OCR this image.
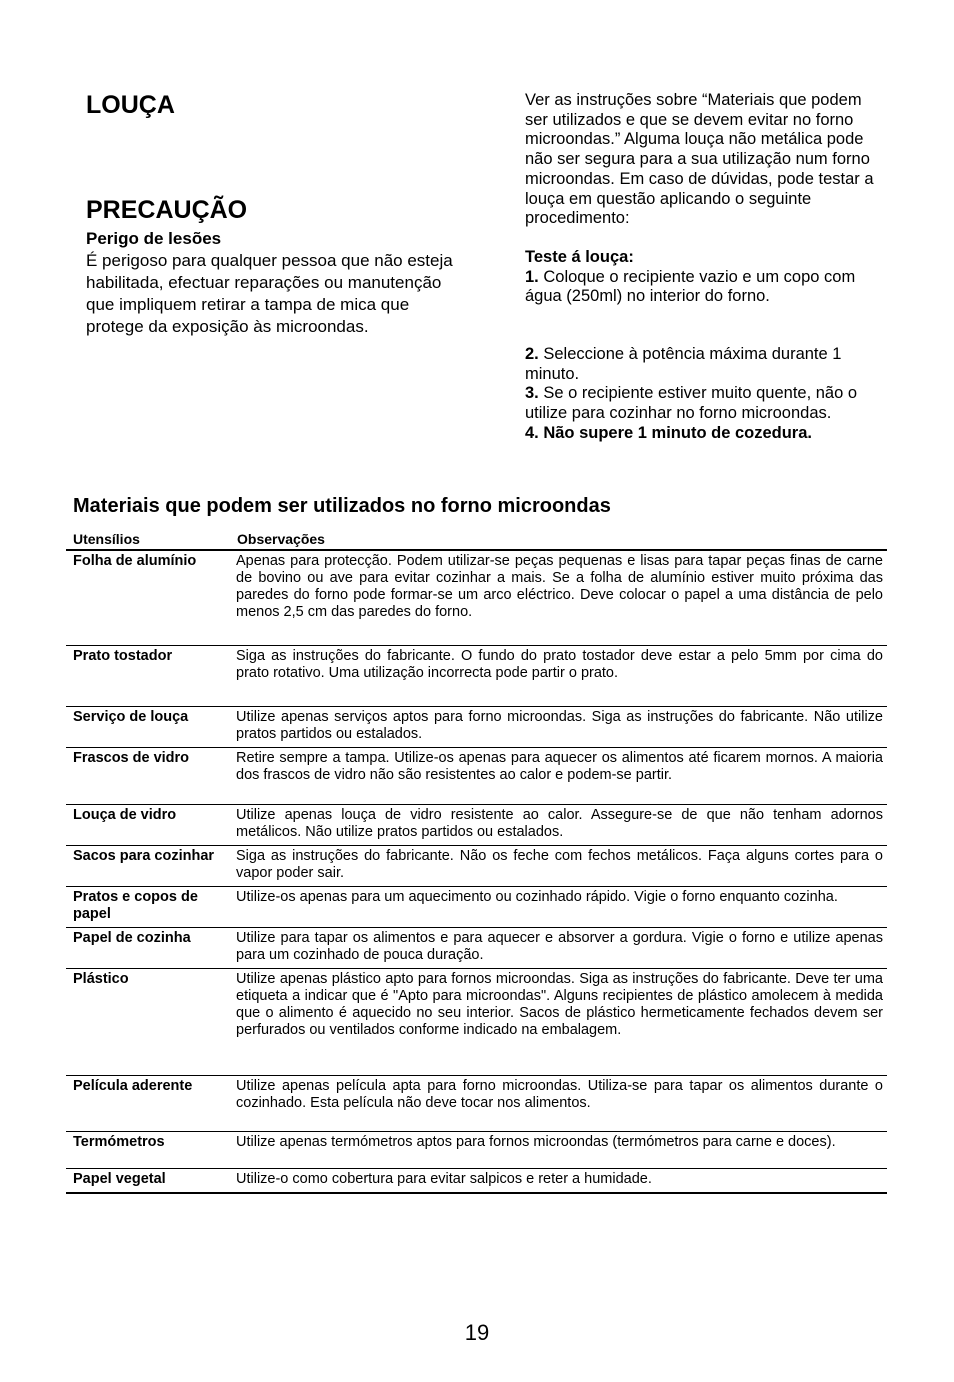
LOUÇA
PRECAUÇÃO
Perigo de lesões
É perigoso para qualquer pessoa que não esteja habilitada, efectuar reparações ou manutenção que impliquem retirar a tampa de mica que protege da exposição às microondas.

Ver as instruções sobre “Materiais que podem ser utilizados e que se devem evitar no forno microondas.” Alguma louça não metálica pode não ser segura para a sua utilização num forno microondas. Em caso de dúvidas, pode testar a louça em questão aplicando o seguinte procedimento:

Teste á louça:

1. Coloque o recipiente vazio e um copo com água (250ml) no interior do forno.

2. Seleccione à potência máxima durante 1 minuto.

3. Se o recipiente estiver muito quente, não o utilize para cozinhar no forno microondas.

4. Não supere 1 minuto de cozedura.

Materiais que podem ser utilizados no forno microondas
Utensílios	Observações
Folha de alumínio	Apenas para protecção. Podem utilizar-se peças pequenas e lisas para tapar peças finas de carne de bovino ou ave para evitar cozinhar a mais. Se a folha de alumínio estiver muito próxima das paredes do forno pode formar-se um arco eléctrico. Deve colocar o papel a uma distância de pelo menos 2,5 cm das paredes do forno.
Prato tostador	Siga as instruções do fabricante. O fundo do prato tostador deve estar a pelo 5mm por cima do prato rotativo. Uma utilização incorrecta pode partir o prato.
Serviço de louça	Utilize apenas serviços aptos para forno microondas. Siga as instruções do fabricante. Não utilize pratos partidos ou estalados.
Frascos de vidro	Retire sempre a tampa. Utilize-os apenas para aquecer os alimentos até ficarem mornos. A maioria dos frascos de vidro não são resistentes ao calor e podem-se partir.
Louça de vidro	Utilize apenas louça de vidro resistente ao calor. Assegure-se de que não tenham adornos metálicos. Não utilize pratos partidos ou estalados.
Sacos para cozinhar	Siga as instruções do fabricante. Não os feche com fechos metálicos. Faça alguns cortes para o vapor poder sair.
Pratos e copos de papel	Utilize-os apenas para um aquecimento ou cozinhado rápido. Vigie o forno enquanto cozinha.
Papel de cozinha	Utilize para tapar os alimentos e para aquecer e absorver a gordura. Vigie o forno e utilize apenas para um cozinhado de pouca duração.
Plástico	Utilize apenas plástico apto para fornos microondas. Siga as instruções do fabricante. Deve ter uma etiqueta a indicar que é "Apto para microondas". Alguns recipientes de plástico amolecem à medida que o alimento é aquecido no seu interior. Sacos de plástico hermeticamente fechados devem ser perfurados ou ventilados conforme indicado na embalagem.
Película aderente	Utilize apenas película apta para forno microondas. Utiliza-se para tapar os alimentos durante o cozinhado. Esta película não deve tocar nos alimentos.
Termómetros	Utilize apenas termómetros aptos para fornos microondas (termómetros para carne e doces).
Papel vegetal	Utilize-o como cobertura para evitar salpicos e reter a humidade.
19
